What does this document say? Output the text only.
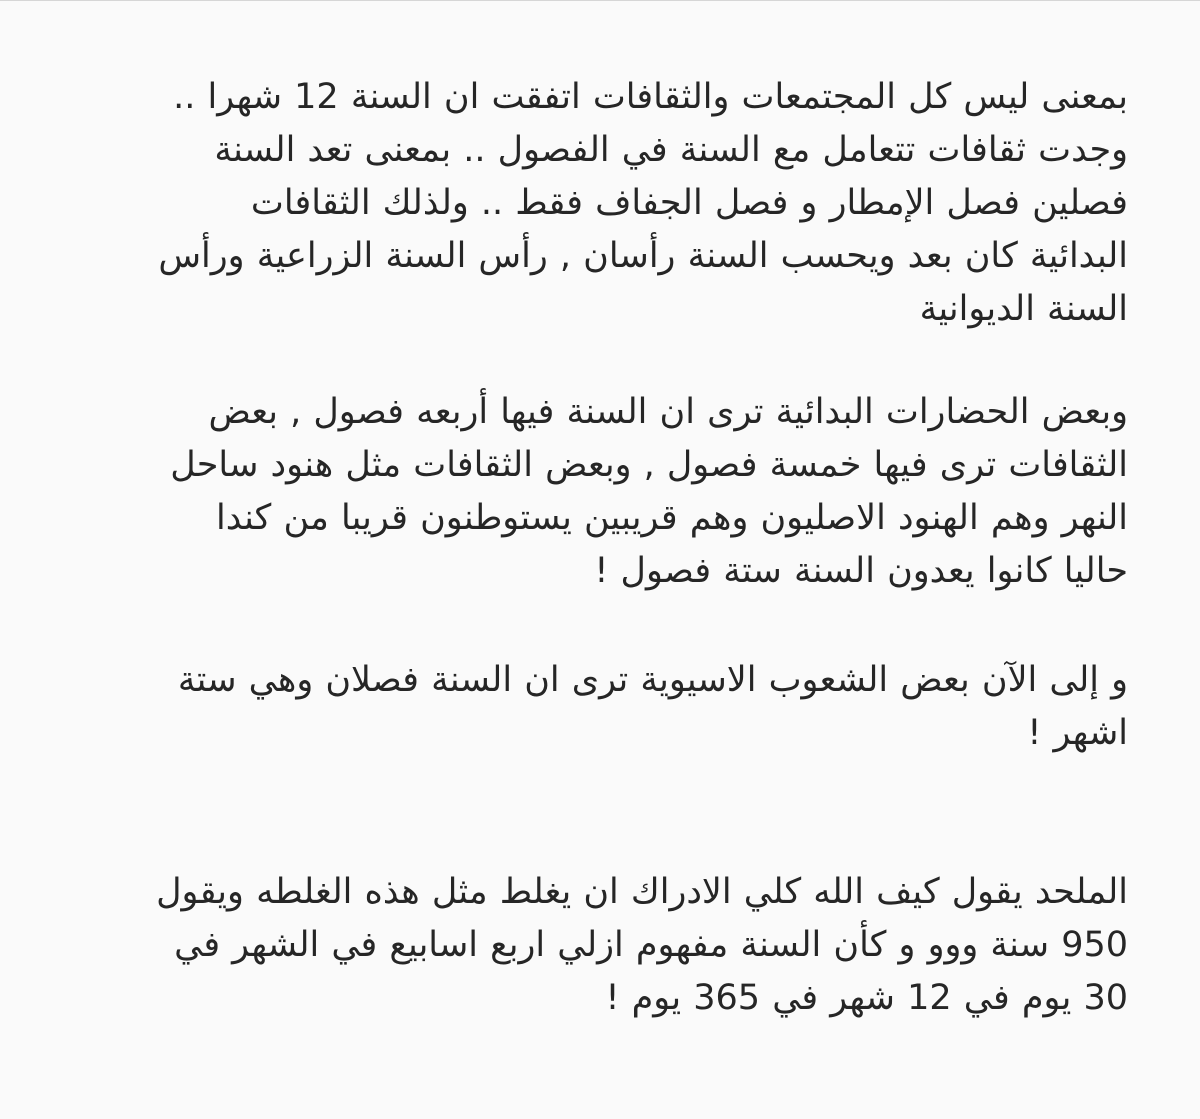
بمعنى ليس كل المجتمعات والثقافات اتفقت ان السنة 12 شهرا ..
وجدت ثقافات تتعامل مع السنة في الفصول .. بمعنى تعد السنة
فصلين فصل الإمطار و فصل الجفاف فقط .. ولذلك الثقافات
البدائية كان بعد ويحسب السنة رأسان , رأس السنة الزراعية ورأس
السنة الديوانية

وبعض الحضارات البدائية ترى ان السنة فيها أربعه فصول , بعض
الثقافات ترى فيها خمسة فصول , وبعض الثقافات مثل هنود ساحل
النهر وهم الهنود الاصليون وهم قريبين يستوطنون قريبا من كندا
حاليا كانوا يعدون السنة ستة فصول !

و إلى الآن بعض الشعوب الاسيوية ترى ان السنة فصلان وهي ستة
اشهر !

الملحد يقول كيف الله كلي الادراك ان يغلط مثل هذه الغلطه ويقول
950 سنة ووو و كأن السنة مفهوم ازلي اربع اسابيع في الشهر في
30 يوم في 12 شهر في 365 يوم !
